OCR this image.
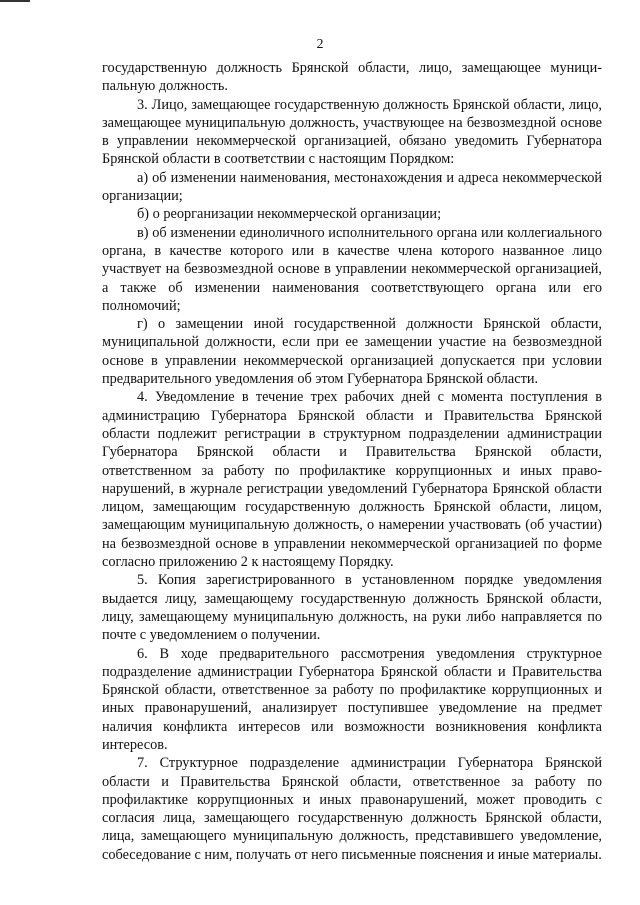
2

государственную должность Брянской области, лицо, замещающее муниципальную должность.

3. Лицо, замещающее государственную должность Брянской области, лицо, замещающее муниципальную должность, участвующее на безвозмездной основе в управлении некоммерческой организацией, обязано уведомить Губернатора Брянской области в соответствии с настоящим Порядком:

а) об изменении наименования, местонахождения и адреса некоммерческой организации;

б) о реорганизации некоммерческой организации;

в) об изменении единоличного исполнительного органа или коллегиального органа, в качестве которого или в качестве члена которого названное лицо участвует на безвозмездной основе в управлении некоммерческой организацией, а также об изменении наименования соответствующего органа или его полномочий;

г) о замещении иной государственной должности Брянской области, муниципальной должности, если при ее замещении участие на безвозмездной основе в управлении некоммерческой организацией допускается при условии предварительного уведомления об этом Губернатора Брянской области.

4. Уведомление в течение трех рабочих дней с момента поступления в администрацию Губернатора Брянской области и Правительства Брянской области подлежит регистрации в структурном подразделении администрации Губернатора Брянской области и Правительства Брянской области, ответственном за работу по профилактике коррупционных и иных правонарушений, в журнале регистрации уведомлений Губернатора Брянской области лицом, замещающим государственную должность Брянской области, лицом, замещающим муниципальную должность, о намерении участвовать (об участии) на безвозмездной основе в управлении некоммерческой организацией по форме согласно приложению 2 к настоящему Порядку.

5. Копия зарегистрированного в установленном порядке уведомления выдается лицу, замещающему государственную должность Брянской области, лицу, замещающему муниципальную должность, на руки либо направляется по почте с уведомлением о получении.

6. В ходе предварительного рассмотрения уведомления структурное подразделение администрации Губернатора Брянской области и Правительства Брянской области, ответственное за работу по профилактике коррупционных и иных правонарушений, анализирует поступившее уведомление на предмет наличия конфликта интересов или возможности возникновения конфликта интересов.

7. Структурное подразделение администрации Губернатора Брянской области и Правительства Брянской области, ответственное за работу по профилактике коррупционных и иных правонарушений, может проводить с согласия лица, замещающего государственную должность Брянской области, лица, замещающего муниципальную должность, представившего уведомление, собеседование с ним, получать от него письменные пояснения и иные материалы.
